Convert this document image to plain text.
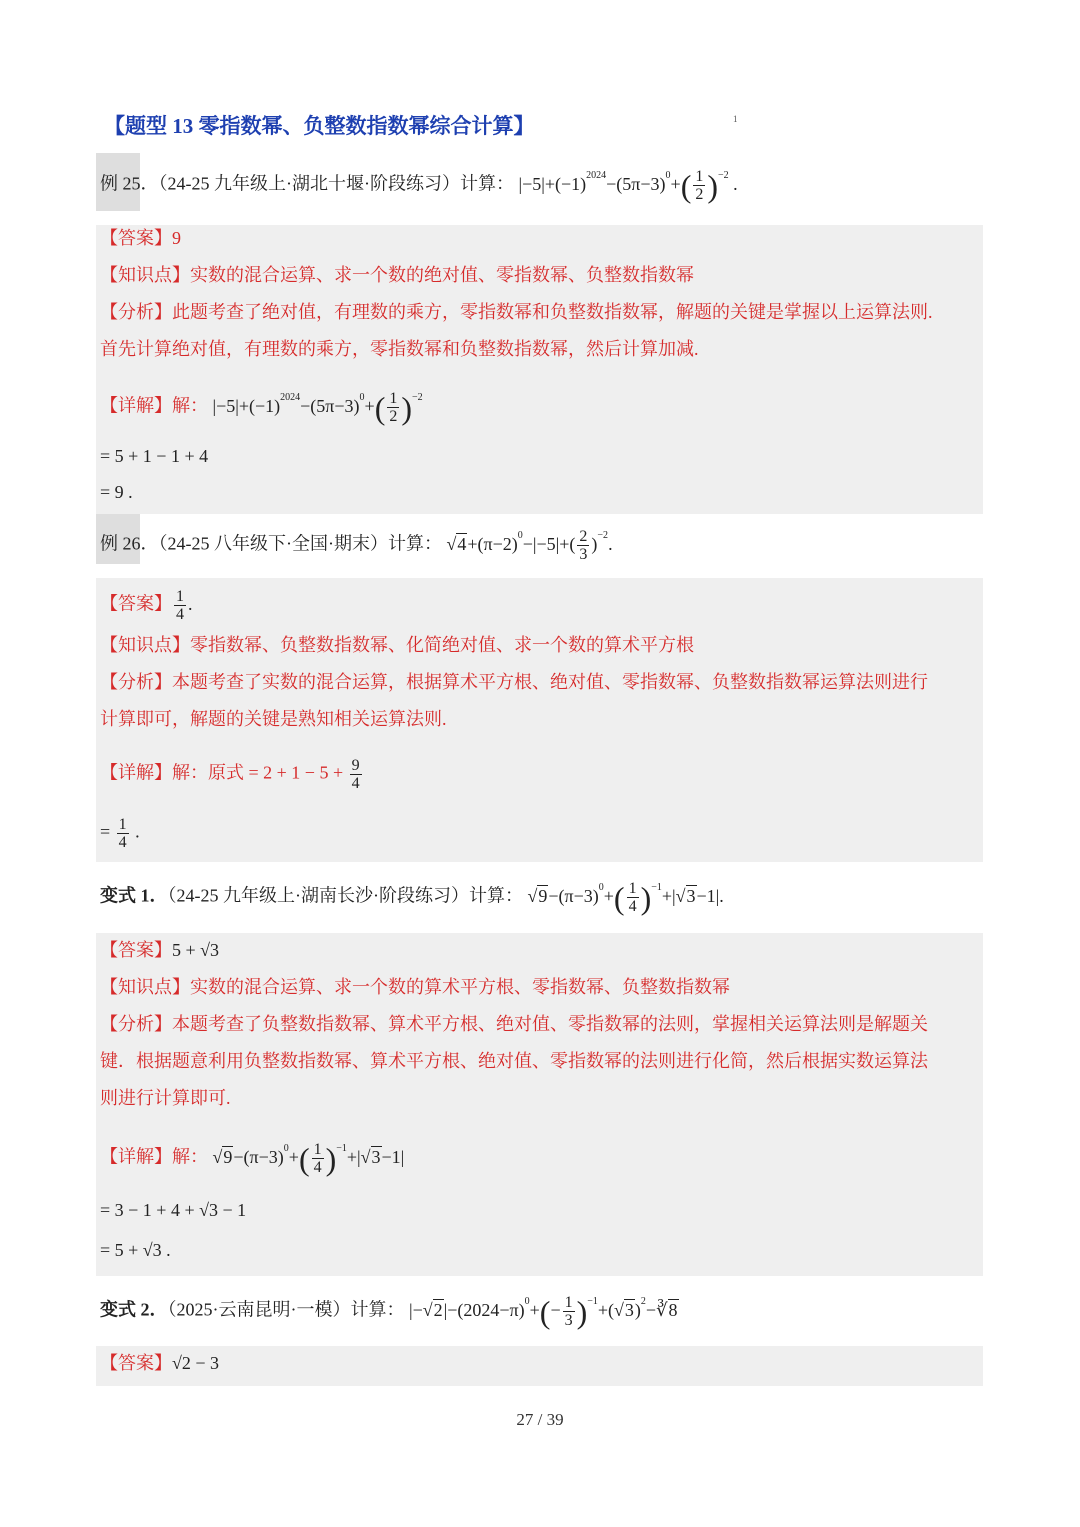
【题型 13 零指数幂、负整数指数幂综合计算】	1
例 25．（24-25 九年级上·湖北十堰·阶段练习）计算： $|-5|+(-1)^{2024}-(5\pi-3)^0+( \frac{1}{2} )^{-2}$ .
【答案】9
【知识点】实数的混合运算、求一个数的绝对值、零指数幂、负整数指数幂
【分析】此题考查了绝对值，有理数的乘方，零指数幂和负整数指数幂，解题的关键是掌握以上运算法则.
首先计算绝对值，有理数的乘方，零指数幂和负整数指数幂，然后计算加减.
【详解】解： $|-5|+(-1)^{2024}-(5\pi-3)^0+( \frac{1}{2} )^{-2}$
= 5 + 1 − 1 + 4
= 9 .
例 26．（24-25 八年级下·全国·期末）计算： $√4+(\pi-2)^0-|-5|+( \frac{2}{3} )^{-2}$.
【答案】 $\frac{1}{4}$ .
【知识点】零指数幂、负整数指数幂、化简绝对值、求一个数的算术平方根
【分析】本题考查了实数的混合运算，根据算术平方根、绝对值、零指数幂、负整数指数幂运算法则进行
计算即可，解题的关键是熟知相关运算法则.
【详解】解：原式 = $2 + 1 - 5 + \frac{9}{4}$
= $\frac{1}{4}$ .
变式 1．（24-25 九年级上·湖南长沙·阶段练习）计算： $√9-(\pi-3)^0+( \frac{1}{4} )^{-1}+|√3-1|$.
【答案】5 + √3
【知识点】实数的混合运算、求一个数的算术平方根、零指数幂、负整数指数幂
【分析】本题考查了负整数指数幂、算术平方根、绝对值、零指数幂的法则，掌握相关运算法则是解题关
键．根据题意利用负整数指数幂、算术平方根、绝对值、零指数幂的法则进行化简，然后根据实数运算法
则进行计算即可.
【详解】解： $√9-(\pi-3)^0+( \frac{1}{4} )^{-1}+|√3-1|$
= 3 − 1 + 4 + √3 − 1
= 5 + √3 .
变式 2．（2025·云南昆明·一模）计算： $|-√2|-(2024-\pi)^0+(- \frac{1}{3}$ )$^{-1}+(√3)^2-∛8$
【答案】√2 − 3
27 / 39
